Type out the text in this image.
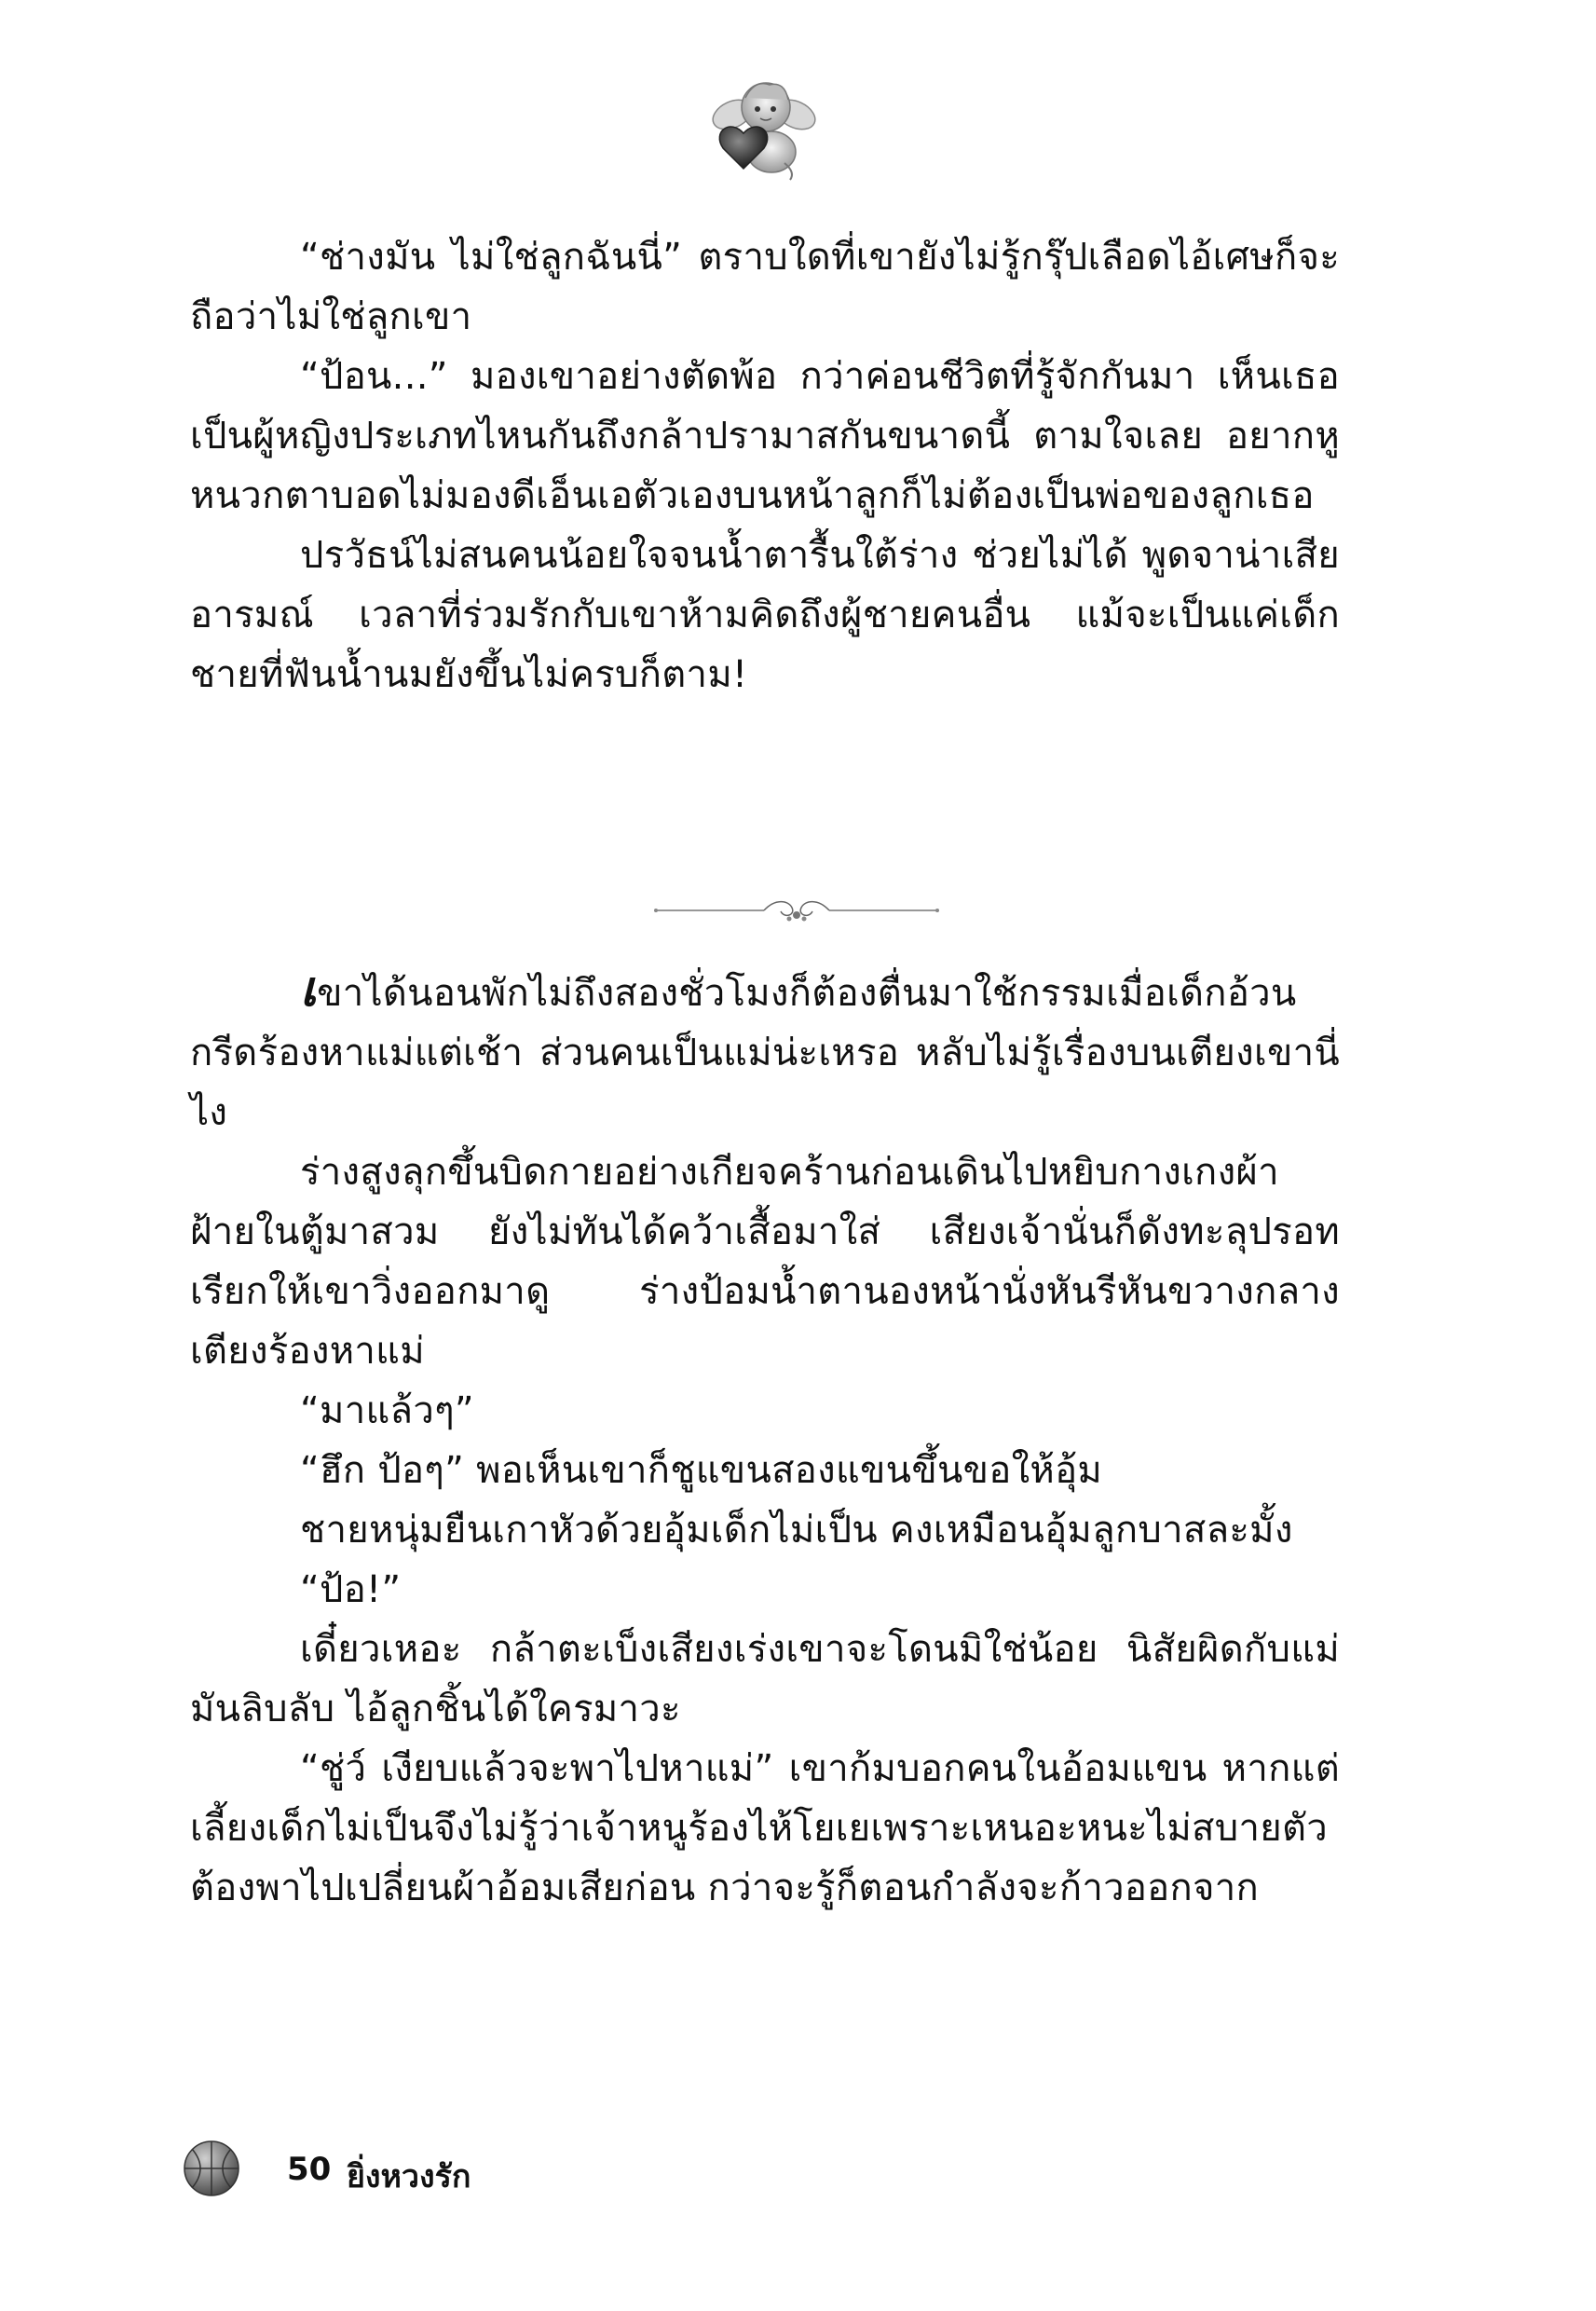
“ช่างมัน ไม่ใช่ลูกฉันนี่” ตราบใดที่เขายังไม่รู้กรุ๊ปเลือดไอ้เศษก็จะถือว่าไม่ใช่ลูกเขา

“ป้อน...” มองเขาอย่างตัดพ้อ กว่าค่อนชีวิตที่รู้จักกันมา เห็นเธอเป็นผู้หญิงประเภทไหนกันถึงกล้าปรามาสกันขนาดนี้ ตามใจเลย อยากหูหนวกตาบอดไม่มองดีเอ็นเอตัวเองบนหน้าลูกก็ไม่ต้องเป็นพ่อของลูกเธอ

ปรวัธน์ไม่สนคนน้อยใจจนน้ำตารื้นใต้ร่าง ช่วยไม่ได้ พูดจาน่าเสียอารมณ์ เวลาที่ร่วมรักกับเขาห้ามคิดถึงผู้ชายคนอื่น แม้จะเป็นแค่เด็กชายที่ฟันน้ำนมยังขึ้นไม่ครบก็ตาม!

เขาได้นอนพักไม่ถึงสองชั่วโมงก็ต้องตื่นมาใช้กรรมเมื่อเด็กอ้วนกรีดร้องหาแม่แต่เช้า ส่วนคนเป็นแม่น่ะเหรอ หลับไม่รู้เรื่องบนเตียงเขานี่ไง

ร่างสูงลุกขึ้นบิดกายอย่างเกียจคร้านก่อนเดินไปหยิบกางเกงผ้าฝ้ายในตู้มาสวม ยังไม่ทันได้คว้าเสื้อมาใส่ เสียงเจ้านั่นก็ดังทะลุปรอทเรียกให้เขาวิ่งออกมาดู ร่างป้อมน้ำตานองหน้านั่งหันรีหันขวางกลางเตียงร้องหาแม่

“มาแล้วๆ”

“ฮึก ป้อๆ” พอเห็นเขาก็ชูแขนสองแขนขึ้นขอให้อุ้ม

ชายหนุ่มยืนเกาหัวด้วยอุ้มเด็กไม่เป็น คงเหมือนอุ้มลูกบาสละมั้ง

“ป้อ!”

เดี๋ยวเหอะ กล้าตะเบ็งเสียงเร่งเขาจะโดนมิใช่น้อย นิสัยผิดกับแม่มันลิบลับ ไอ้ลูกชิ้นได้ใครมาวะ

“ชู่ว์ เงียบแล้วจะพาไปหาแม่” เขาก้มบอกคนในอ้อมแขน หากแต่เลี้ยงเด็กไม่เป็นจึงไม่รู้ว่าเจ้าหนูร้องไห้โยเยเพราะเหนอะหนะไม่สบายตัวต้องพาไปเปลี่ยนผ้าอ้อมเสียก่อน กว่าจะรู้ก็ตอนกำลังจะก้าวออกจาก

50 ยิ่งหวงรัก
